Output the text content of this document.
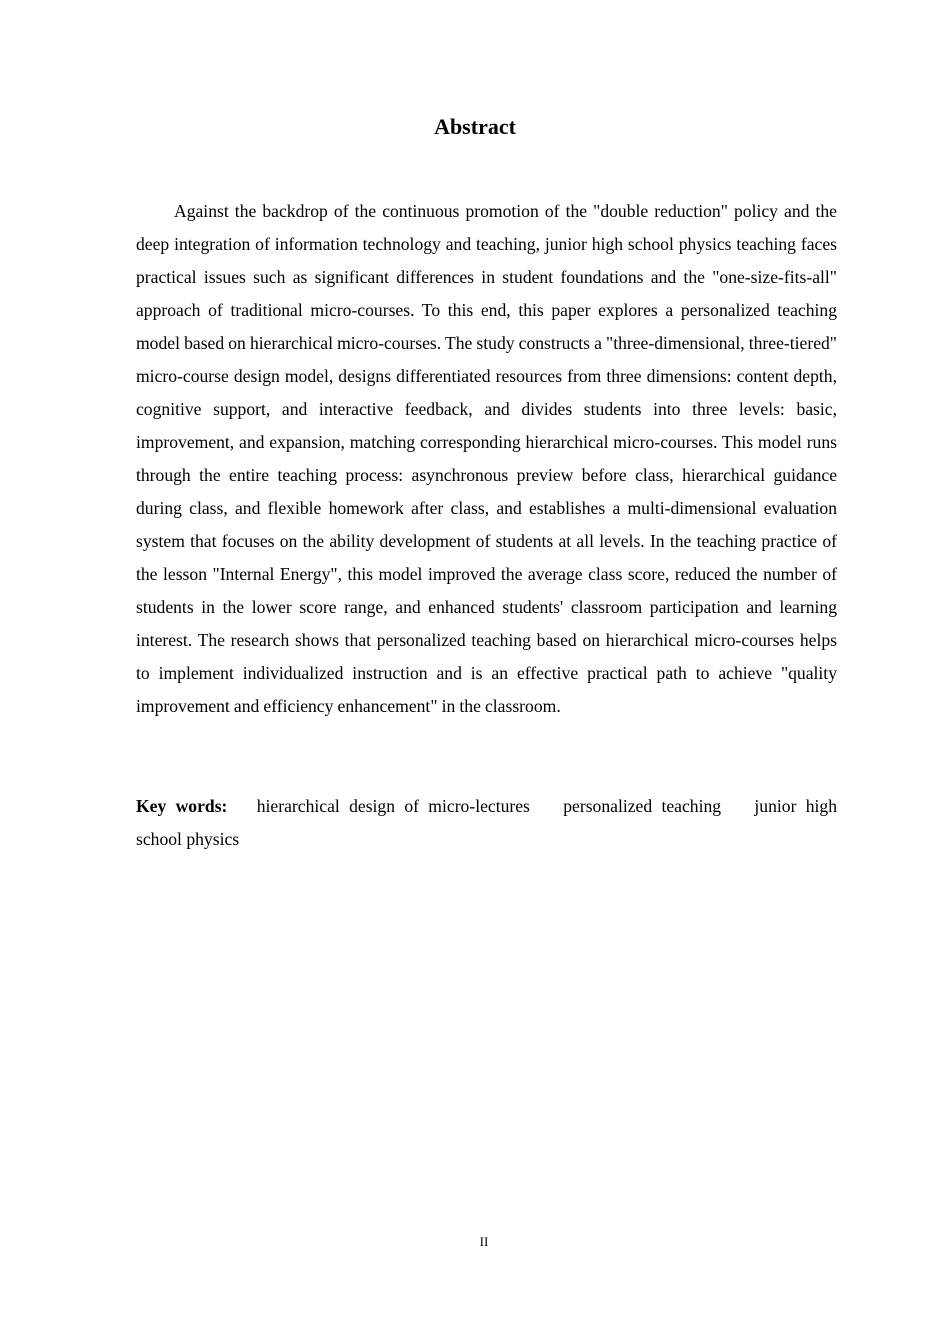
Abstract

Against the backdrop of the continuous promotion of the "double reduction" policy and the deep integration of information technology and teaching, junior high school physics teaching faces practical issues such as significant differences in student foundations and the "one-size-fits-all" approach of traditional micro-courses. To this end, this paper explores a personalized teaching model based on hierarchical micro-courses. The study constructs a "three-dimensional, three-tiered" micro-course design model, designs differentiated resources from three dimensions: content depth, cognitive support, and interactive feedback, and divides students into three levels: basic, improvement, and expansion, matching corresponding hierarchical micro-courses. This model runs through the entire teaching process: asynchronous preview before class, hierarchical guidance during class, and flexible homework after class, and establishes a multi-dimensional evaluation system that focuses on the ability development of students at all levels. In the teaching practice of the lesson "Internal Energy", this model improved the average class score, reduced the number of students in the lower score range, and enhanced students' classroom participation and learning interest. The research shows that personalized teaching based on hierarchical micro-courses helps to implement individualized instruction and is an effective practical path to achieve "quality improvement and efficiency enhancement" in the classroom.

Key words: hierarchical design of micro-lectures personalized teaching junior high school physics

II
